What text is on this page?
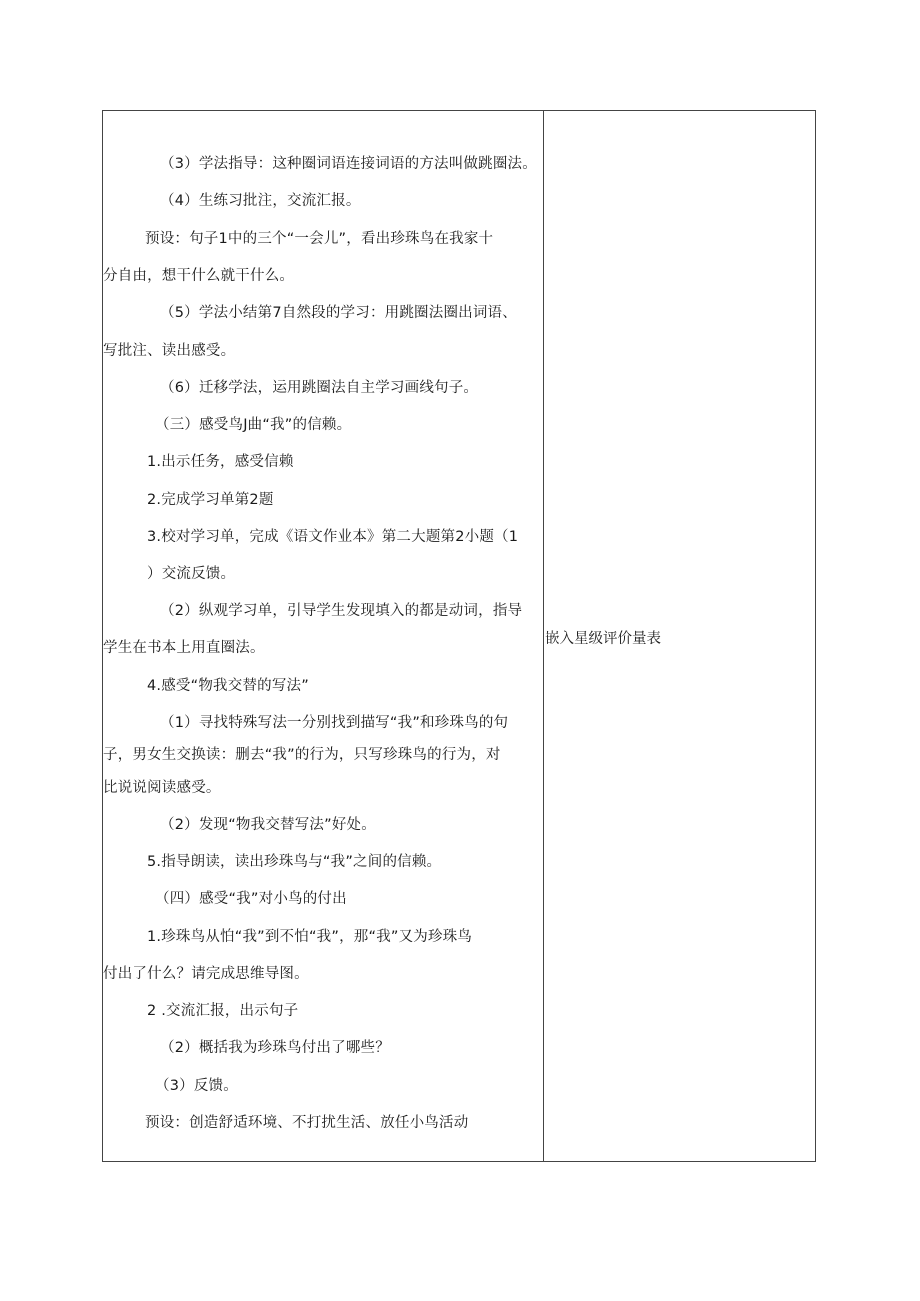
（3）学法指导：这种圈词语连接词语的方法叫做跳圈法。
（4）生练习批注，交流汇报。
预设：句子1中的三个“一会儿”，看出珍珠鸟在我家十
分自由，想干什么就干什么。
（5）学法小结第7自然段的学习：用跳圈法圈出词语、
写批注、读出感受。
（6）迁移学法，运用跳圈法自主学习画线句子。
（三）感受鸟J曲“我”的信赖。
1.出示任务，感受信赖
2.完成学习单第2题
3.校对学习单，完成《语文作业本》第二大题第2小题（1
）交流反馈。
（2）纵观学习单，引导学生发现填入的都是动词，指导
学生在书本上用直圈法。
4.感受“物我交替的写法”
（1）寻找特殊写法一分别找到描写“我”和珍珠鸟的句
子，男女生交换读：删去“我”的行为，只写珍珠鸟的行为，对
比说说阅读感受。
（2）发现“物我交替写法”好处。
5.指导朗读，读出珍珠鸟与“我”之间的信赖。
（四）感受“我”对小鸟的付出
1.珍珠鸟从怕“我”到不怕“我”，那“我”又为珍珠鸟
付出了什么？请完成思维导图。
2 .交流汇报，出示句子
（2）概括我为珍珠鸟付出了哪些？
（3）反馈。
预设：创造舒适环境、不打扰生活、放任小鸟活动
嵌入星级评价量表
